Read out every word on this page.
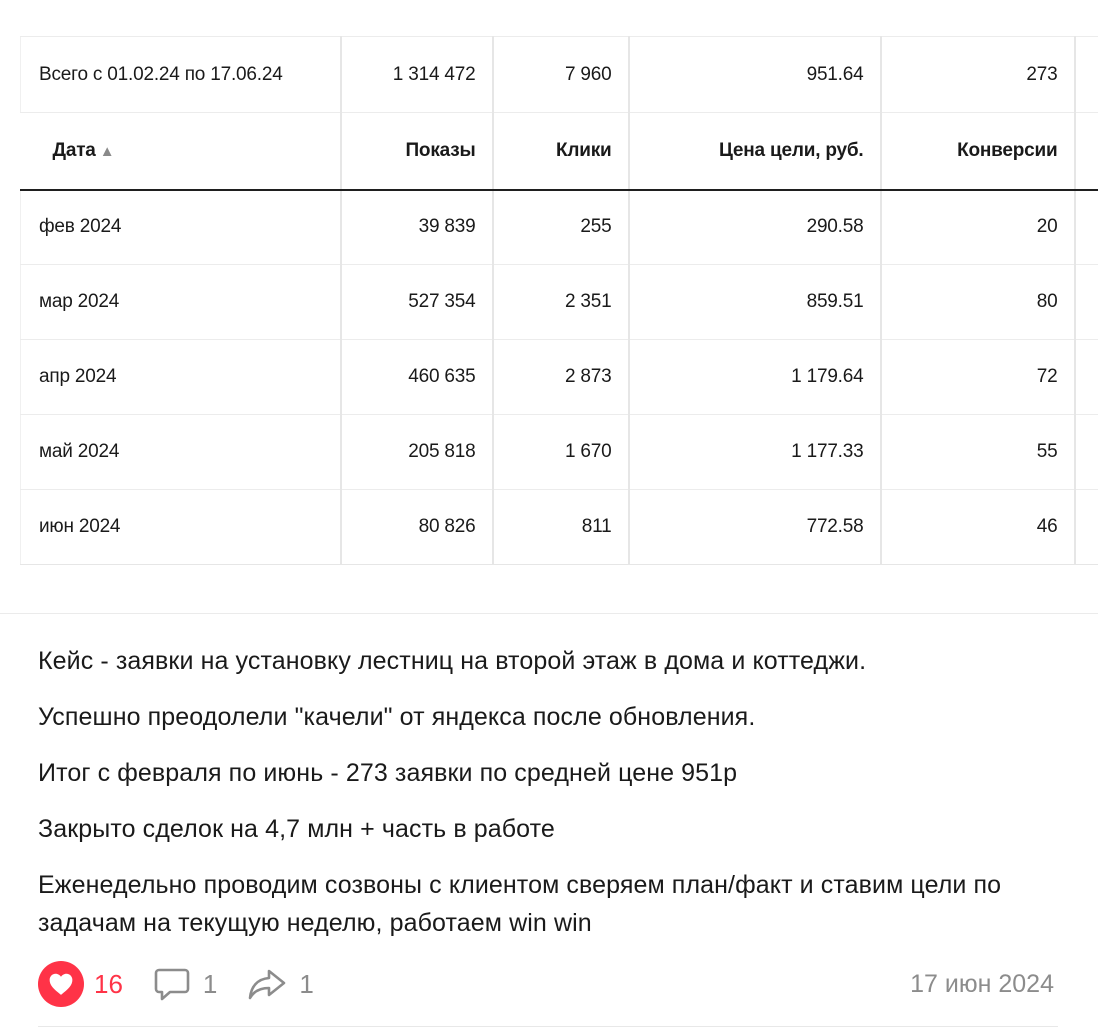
Всего с 01.02.24 по 17.06.24	1 314 472	7 960	951.64	273	
Дата ▲	Показы	Клики	Цена цели, руб.	Конверсии	
фев 2024	39 839	255	290.58	20	
мар 2024	527 354	2 351	859.51	80	
апр 2024	460 635	2 873	1 179.64	72	
май 2024	205 818	1 670	1 177.33	55	
июн 2024	80 826	811	772.58	46	

Кейс - заявки на установку лестниц на второй этаж в дома и коттеджи.

Успешно преодолели "качели" от яндекса после обновления.

Итог с февраля по июнь - 273 заявки по средней цене 951р

Закрыто сделок на 4,7 млн + часть в работе

Еженедельно проводим созвоны с клиентом сверяем план/факт и ставим цели по задачам на текущую неделю, работаем win win

16	1	1	17 июн 2024
